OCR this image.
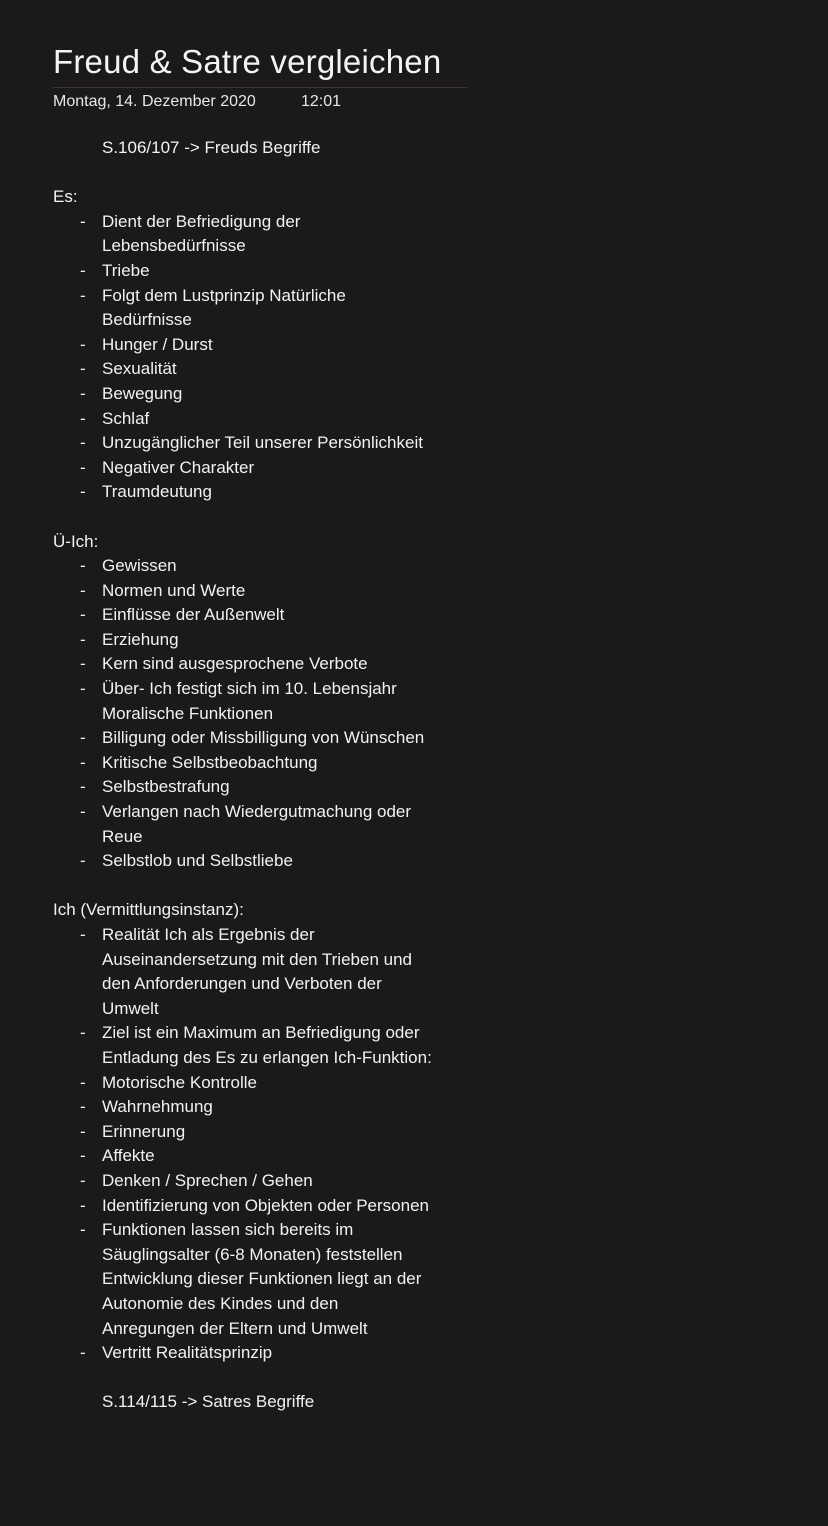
Freud & Satre vergleichen
Montag, 14. Dezember 2020	12:01

S.106/107 -> Freuds Begriffe

Es:
- Dient der Befriedigung der Lebensbedürfnisse
- Triebe
- Folgt dem Lustprinzip Natürliche Bedürfnisse
- Hunger / Durst
- Sexualität
- Bewegung
- Schlaf
- Unzugänglicher Teil unserer Persönlichkeit
- Negativer Charakter
- Traumdeutung
Ü-Ich:
- Gewissen
- Normen und Werte
- Einflüsse der Außenwelt
- Erziehung
- Kern sind ausgesprochene Verbote
- Über- Ich festigt sich im 10. Lebensjahr Moralische Funktionen
- Billigung oder Missbilligung von Wünschen
- Kritische Selbstbeobachtung
- Selbstbestrafung
- Verlangen nach Wiedergutmachung oder Reue
- Selbstlob und Selbstliebe
Ich (Vermittlungsinstanz):
- Realität Ich als Ergebnis der Auseinandersetzung mit den Trieben und den Anforderungen und Verboten der Umwelt
- Ziel ist ein Maximum an Befriedigung oder Entladung des Es zu erlangen Ich-Funktion:
- Motorische Kontrolle
- Wahrnehmung
- Erinnerung
- Affekte
- Denken / Sprechen / Gehen
- Identifizierung von Objekten oder Personen
- Funktionen lassen sich bereits im Säuglingsalter (6-8 Monaten) feststellen Entwicklung dieser Funktionen liegt an der Autonomie des Kindes und den Anregungen der Eltern und Umwelt
- Vertritt Realitätsprinzip
S.114/115 -> Satres Begriffe
